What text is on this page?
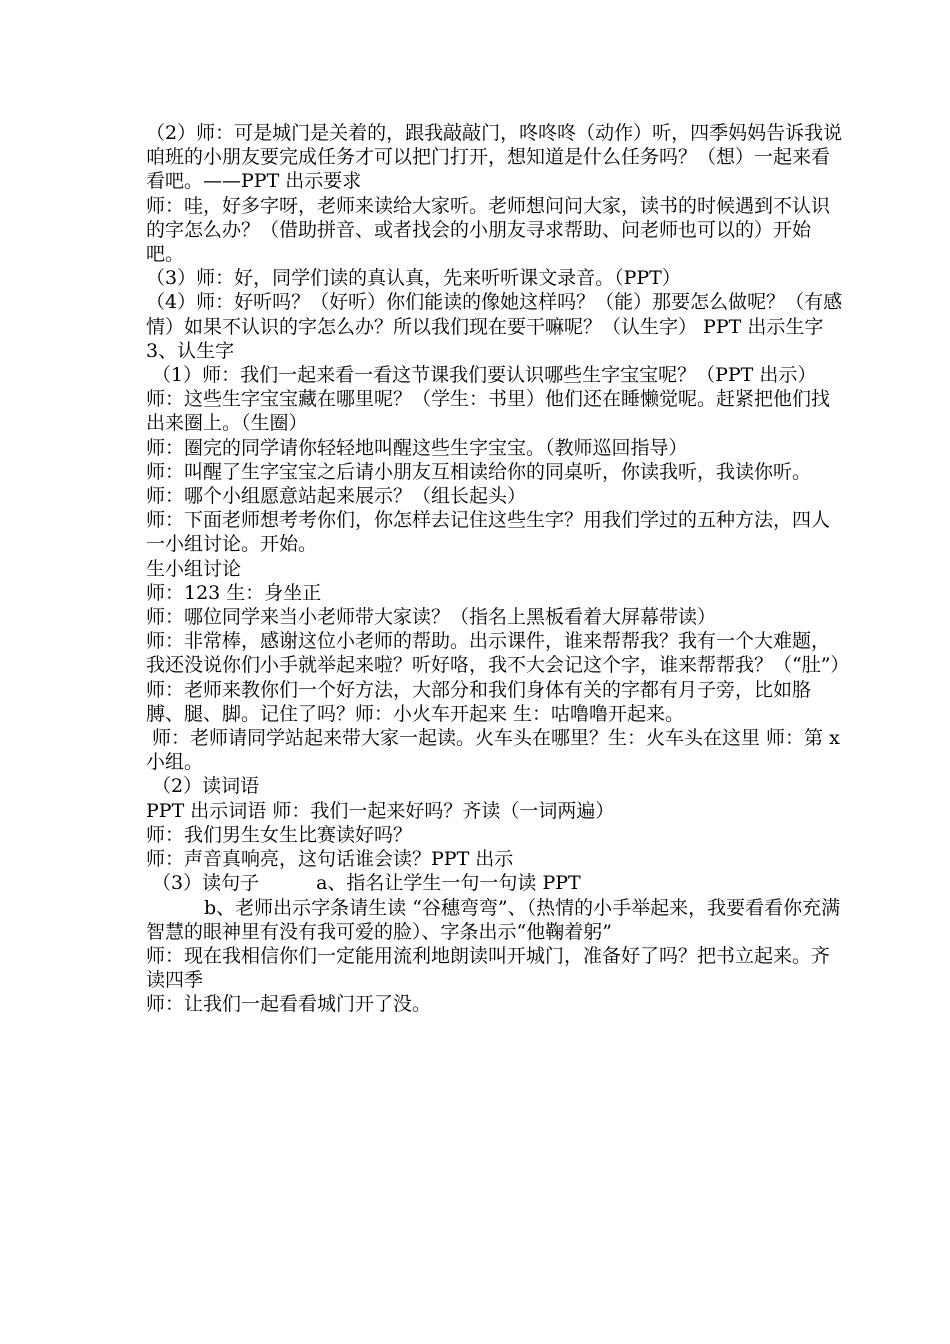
（2）师：可是城门是关着的，跟我敲敲门，咚咚咚（动作）听，四季妈妈告诉我说咱班的小朋友要完成任务才可以把门打开，想知道是什么任务吗？（想）一起来看看吧。——PPT 出示要求

师：哇，好多字呀，老师来读给大家听。老师想问问大家，读书的时候遇到不认识的字怎么办？（借助拼音、或者找会的小朋友寻求帮助、问老师也可以的）开始吧。

（3）师：好，同学们读的真认真，先来听听课文录音。（PPT）

（4）师：好听吗？（好听）你们能读的像她这样吗？（能）那要怎么做呢？（有感情）如果不认识的字怎么办？所以我们现在要干嘛呢？（认生字） PPT 出示生字

3、认生字

（1）师：我们一起来看一看这节课我们要认识哪些生字宝宝呢？（PPT 出示）

师：这些生字宝宝藏在哪里呢？（学生：书里）他们还在睡懒觉呢。赶紧把他们找出来圈上。（生圈）

师：圈完的同学请你轻轻地叫醒这些生字宝宝。（教师巡回指导）

师：叫醒了生字宝宝之后请小朋友互相读给你的同桌听，你读我听，我读你听。

师：哪个小组愿意站起来展示？（组长起头）

师：下面老师想考考你们，你怎样去记住这些生字？用我们学过的五种方法，四人一小组讨论。开始。

生小组讨论

师：123 生：身坐正

师：哪位同学来当小老师带大家读？（指名上黑板看着大屏幕带读）

师：非常棒，感谢这位小老师的帮助。出示课件，谁来帮帮我？我有一个大难题，我还没说你们小手就举起来啦？听好咯，我不大会记这个字，谁来帮帮我？（“肚”）

师：老师来教你们一个好方法，大部分和我们身体有关的字都有月子旁，比如胳膊、腿、脚。记住了吗？师：小火车开起来 生：咕噜噜开起来。

师：老师请同学站起来带大家一起读。火车头在哪里？生：火车头在这里 师：第 x 小组。

（2）读词语

PPT 出示词语 师：我们一起来好吗？齐读（一词两遍）

师：我们男生女生比赛读好吗？

师：声音真响亮，这句话谁会读？PPT 出示

（3）读句子　　　a、指名让学生一句一句读 PPT

b、老师出示字条请生读 “谷穗弯弯”、（热情的小手举起来，我要看看你充满智慧的眼神里有没有我可爱的脸）、字条出示“他鞠着躬”

师：现在我相信你们一定能用流利地朗读叫开城门，准备好了吗？把书立起来。齐读四季

师：让我们一起看看城门开了没。
